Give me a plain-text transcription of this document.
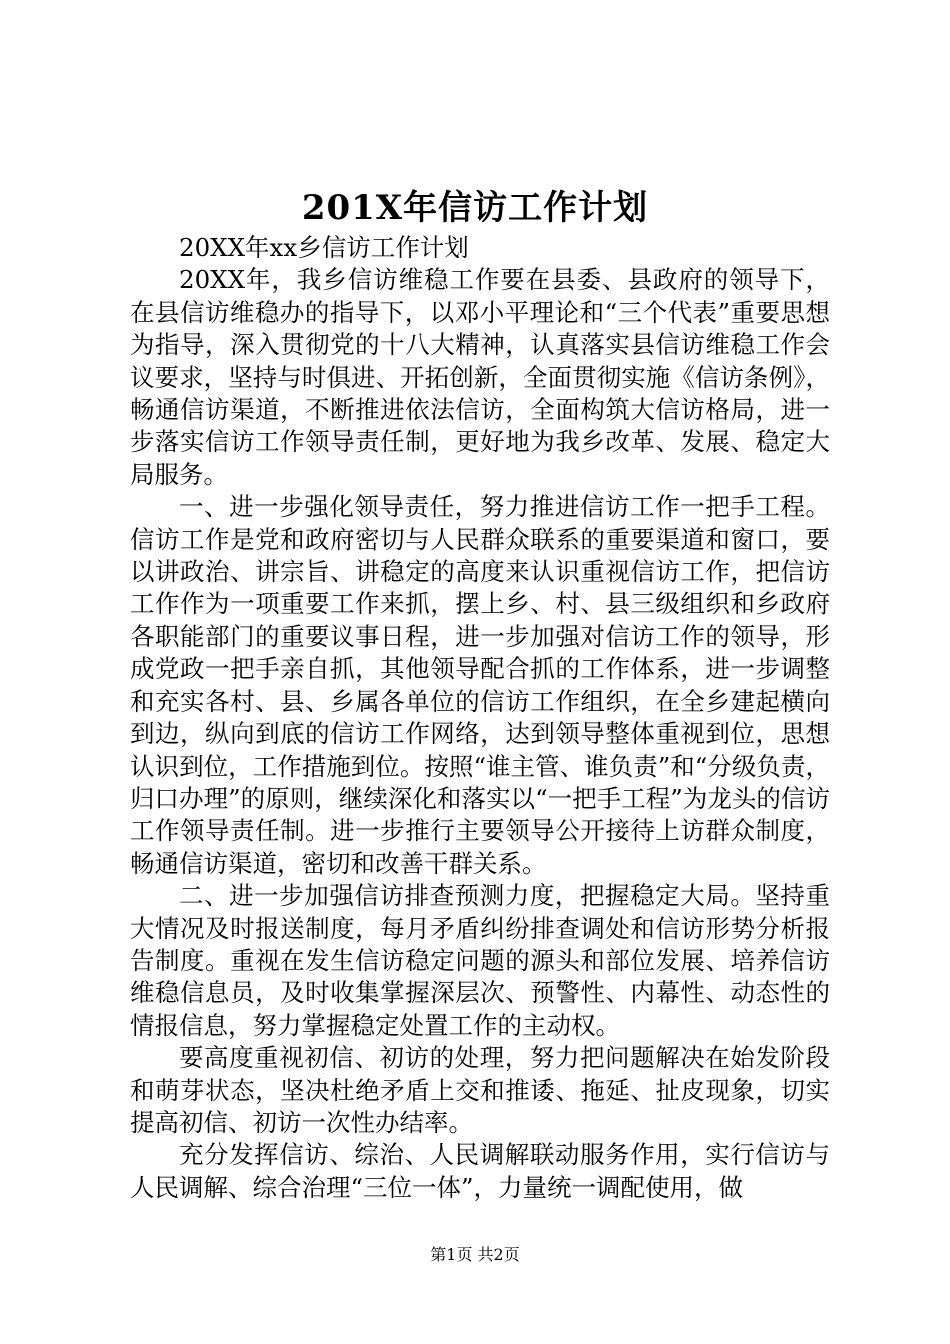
201X年信访工作计划

20XX年xx乡信访工作计划

20XX年，我乡信访维稳工作要在县委、县政府的领导下，在县信访维稳办的指导下，以邓小平理论和“三个代表”重要思想为指导，深入贯彻党的十八大精神，认真落实县信访维稳工作会议要求，坚持与时俱进、开拓创新，全面贯彻实施《信访条例》，畅通信访渠道，不断推进依法信访，全面构筑大信访格局，进一步落实信访工作领导责任制，更好地为我乡改革、发展、稳定大局服务。

一、进一步强化领导责任，努力推进信访工作一把手工程。信访工作是党和政府密切与人民群众联系的重要渠道和窗口，要以讲政治、讲宗旨、讲稳定的高度来认识重视信访工作，把信访工作作为一项重要工作来抓，摆上乡、村、县三级组织和乡政府各职能部门的重要议事日程，进一步加强对信访工作的领导，形成党政一把手亲自抓，其他领导配合抓的工作体系，进一步调整和充实各村、县、乡属各单位的信访工作组织，在全乡建起横向到边，纵向到底的信访工作网络，达到领导整体重视到位，思想认识到位，工作措施到位。按照“谁主管、谁负责”和“分级负责，归口办理”的原则，继续深化和落实以“一把手工程”为龙头的信访工作领导责任制。进一步推行主要领导公开接待上访群众制度，畅通信访渠道，密切和改善干群关系。

二、进一步加强信访排查预测力度，把握稳定大局。坚持重大情况及时报送制度，每月矛盾纠纷排查调处和信访形势分析报告制度。重视在发生信访稳定问题的源头和部位发展、培养信访维稳信息员，及时收集掌握深层次、预警性、内幕性、动态性的情报信息，努力掌握稳定处置工作的主动权。

要高度重视初信、初访的处理，努力把问题解决在始发阶段和萌芽状态，坚决杜绝矛盾上交和推诿、拖延、扯皮现象，切实提高初信、初访一次性办结率。

充分发挥信访、综治、人民调解联动服务作用，实行信访与人民调解、综合治理“三位一体”，力量统一调配使用，做

第1页 共2页
